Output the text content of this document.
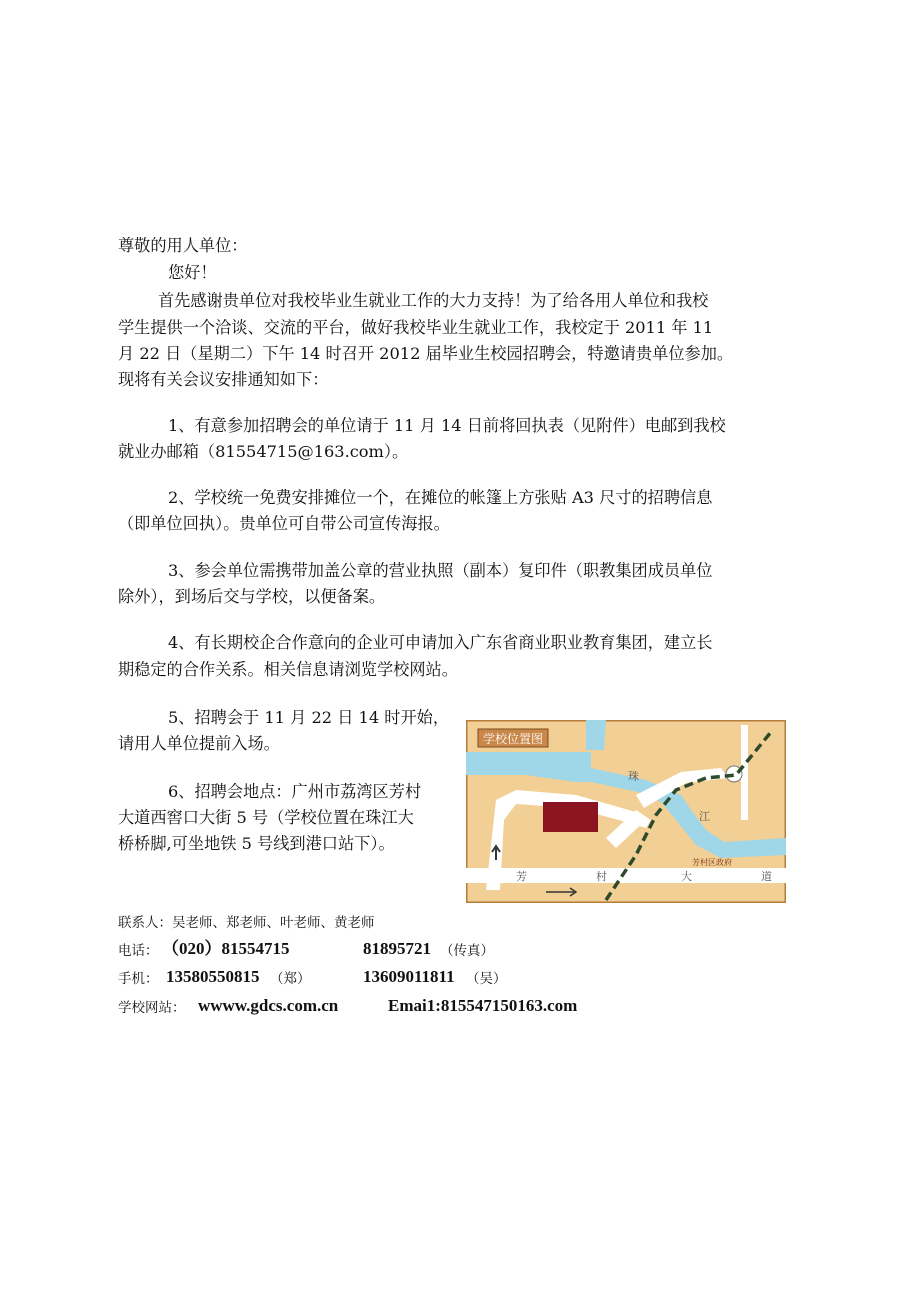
尊敬的用人单位：
您好！
首先感谢贵单位对我校毕业生就业工作的大力支持！为了给各用人单位和我校
学生提供一个洽谈、交流的平台，做好我校毕业生就业工作，我校定于 2011 年 11
月 22 日（星期二）下午 14 时召开 2012 届毕业生校园招聘会，特邀请贵单位参加。
现将有关会议安排通知如下：
1、有意参加招聘会的单位请于 11 月 14 日前将回执表（见附件）电邮到我校
就业办邮箱（81554715@163.com）。
2、学校统一免费安排摊位一个，在摊位的帐篷上方张贴 A3 尺寸的招聘信息
（即单位回执）。贵单位可自带公司宣传海报。
3、参会单位需携带加盖公章的营业执照（副本）复印件（职教集团成员单位
除外），到场后交与学校，以便备案。
4、有长期校企合作意向的企业可申请加入广东省商业职业教育集团，建立长
期稳定的合作关系。相关信息请浏览学校网站。
5、招聘会于 11 月 22 日 14 时开始，
请用人单位提前入场。
6、招聘会地点：广州市荔湾区芳村
大道西窖口大街 5 号（学校位置在珠江大
桥桥脚,可坐地铁 5 号线到港口站下）。
学校位置图
芳	村	大	道
芳村区政府
江
珠
联系人：吴老师、郑老师、叶老师、黄老师
电话： （020）81554715	81895721 （传真）
手机： 13580550815 （郑）	13609011811 （吴）
学校网站： wwww.gdcs.com.cn	Emai1:815547150163.com
